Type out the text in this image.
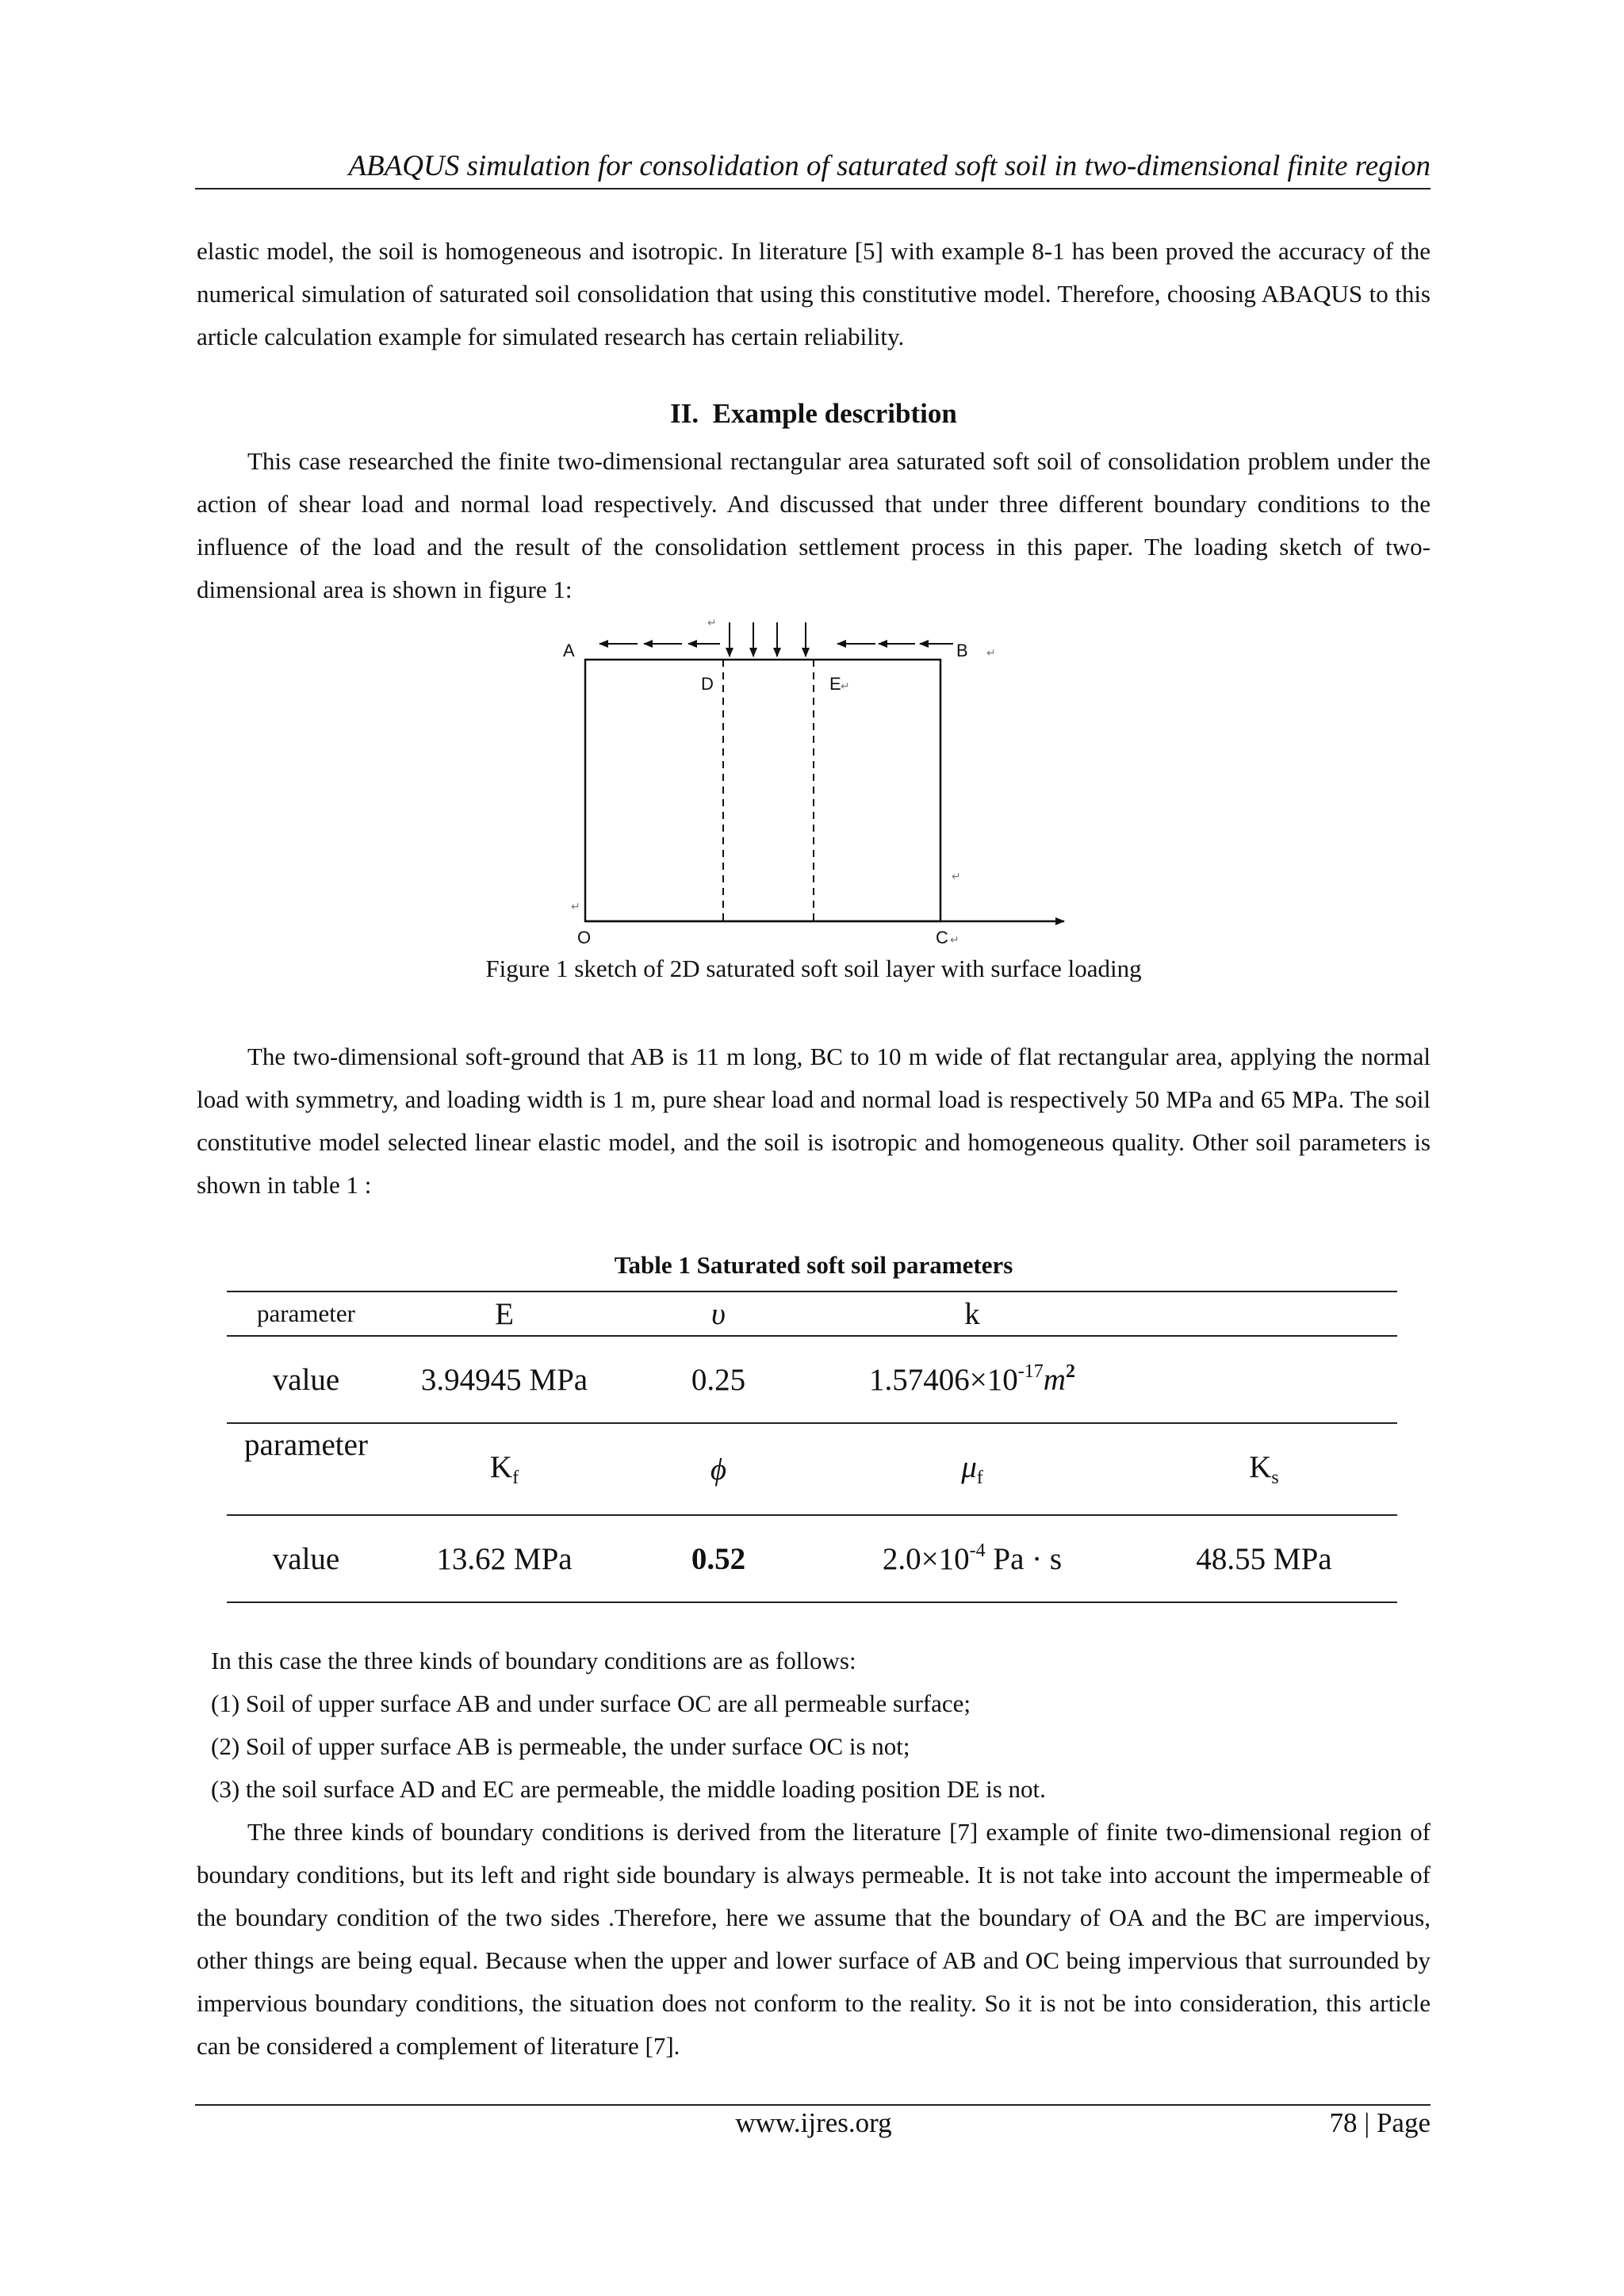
ABAQUS simulation for consolidation of saturated soft soil in two-dimensional finite region
elastic model, the soil is homogeneous and isotropic. In literature [5] with example 8-1 has been proved the accuracy of the numerical simulation of saturated soil consolidation that using this constitutive model. Therefore, choosing ABAQUS to this article calculation example for simulated research has certain reliability.
II. Example describtion
This case researched the finite two-dimensional rectangular area saturated soft soil of consolidation problem under the action of shear load and normal load respectively. And discussed that under three different boundary conditions to the influence of the load and the result of the consolidation settlement process in this paper. The loading sketch of two-dimensional area is shown in figure 1:
A	B
D	E
O	C
↵
↵
↵
↵
↵
↵
Figure 1 sketch of 2D saturated soft soil layer with surface loading
The two-dimensional soft-ground that AB is 11 m long, BC to 10 m wide of flat rectangular area, applying the normal load with symmetry, and loading width is 1 m, pure shear load and normal load is respectively 50 MPa and 65 MPa. The soil constitutive model selected linear elastic model, and the soil is isotropic and homogeneous quality. Other soil parameters is shown in table 1 :
Table 1 Saturated soft soil parameters
parameter	E	υ	k	
value	3.94945 MPa	0.25	$1.57406\times 10^{-17}m^2$	
parameter	$K_f$	ϕ	$\mu_f$	$K_s$
value	13.62 MPa	0.52	$2.0\times 10^{-4}$ Pa · s	48.55 MPa
In this case the three kinds of boundary conditions are as follows:
(1) Soil of upper surface AB and under surface OC are all permeable surface;
(2) Soil of upper surface AB is permeable, the under surface OC is not;
(3) the soil surface AD and EC are permeable, the middle loading position DE is not.
The three kinds of boundary conditions is derived from the literature [7] example of finite two-dimensional region of boundary conditions, but its left and right side boundary is always permeable. It is not take into account the impermeable of the boundary condition of the two sides .Therefore, here we assume that the boundary of OA and the BC are impervious, other things are being equal. Because when the upper and lower surface of AB and OC being impervious that surrounded by impervious boundary conditions, the situation does not conform to the reality. So it is not be into consideration, this article can be considered a complement of literature [7].
www.ijres.org	78 | Page
